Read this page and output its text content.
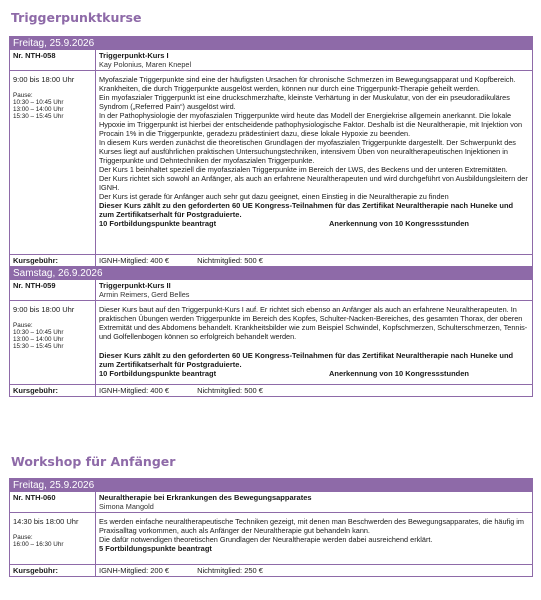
Triggerpunktkurse
Freitag, 25.9.2026
Nr. NTH-058	Triggerpunkt-Kurs I
Kay Polonius, Maren Knepel
9:00 bis 18:00 Uhr
Pause:
10:30 – 10:45 Uhr
13:00 – 14:00 Uhr
15:30 – 15:45 Uhr

Myofasziale Triggerpunkte sind eine der häufigsten Ursachen für chronische Schmerzen im Bewegungsapparat und Kopfbereich. Krankheiten, die durch Triggerpunkte ausgelöst werden, können nur durch eine Triggerpunkt-Therapie geheilt werden.

Ein myofaszialer Triggerpunkt ist eine druckschmerzhafte, kleinste Verhärtung in der Muskulatur, von der ein pseudoradikuläres Syndrom („Referred Pain“) ausgelöst wird.

In der Pathophysiologie der myofaszialen Triggerpunkte wird heute das Modell der Energiekrise allgemein anerkannt. Die lokale Hypoxie im Triggerpunkt ist hierbei der entscheidende pathophysiologische Faktor. Deshalb ist die Neuraltherapie, mit Injektion von Procain 1% in die Triggerpunkte, geradezu prädestiniert dazu, diese lokale Hypoxie zu beenden.

In diesem Kurs werden zunächst die theoretischen Grundlagen der myofaszialen Triggerpunkte dargestellt. Der Schwerpunkt des Kurses liegt auf ausführlichen praktischen Untersuchungstechniken, intensivem Üben von neuraltherapeutischen Injektionen in Triggerpunkte und Dehntechniken der myofaszialen Triggerpunkte.

Der Kurs 1 beinhaltet speziell die myofaszialen Triggerpunkte im Bereich der LWS, des Beckens und der unteren Extremitäten.

Der Kurs richtet sich sowohl an Anfänger, als auch an erfahrene Neuraltherapeuten und wird durchgeführt von Ausbildungsleitern der IGNH.

Der Kurs ist gerade für Anfänger auch sehr gut dazu geeignet, einen Einstieg in die Neuraltherapie zu finden

Dieser Kurs zählt zu den geforderten 60 UE Kongress-Teilnahmen für das Zertifikat Neuraltherapie nach Huneke und zum Zertifikatserhalt für Postgraduierte.
10 Fortbildungspunkte beantragt	Anerkennung von 10 Kongressstunden
Kursgebühr:	IGNH-Mitglied: 400 €	Nichtmitglied: 500 €
Samstag, 26.9.2026
Nr. NTH-059	Triggerpunkt-Kurs II
Armin Reimers, Gerd Belles
9:00 bis 18:00 Uhr
Pause:
10:30 – 10:45 Uhr
13:00 – 14:00 Uhr
15:30 – 15:45 Uhr

Dieser Kurs baut auf den Triggerpunkt-Kurs I auf. Er richtet sich ebenso an Anfänger als auch an erfahrene Neuraltherapeuten. In praktischen Übungen werden Triggerpunkte im Bereich des Kopfes, Schulter-Nacken-Bereiches, des gesamten Thorax, der oberen Extremität und des Abdomens behandelt. Krankheitsbilder wie zum Beispiel Schwindel, Kopfschmerzen, Schulterschmerzen, Tennis- und Golfellenbogen können so erfolgreich behandelt werden.

Dieser Kurs zählt zu den geforderten 60 UE Kongress-Teilnahmen für das Zertifikat Neuraltherapie nach Huneke und zum Zertifikatserhalt für Postgraduierte.
10 Fortbildungspunkte beantragt	Anerkennung von 10 Kongressstunden
Kursgebühr:	IGNH-Mitglied: 400 €	Nichtmitglied: 500 €
Workshop für Anfänger
Freitag, 25.9.2026
Nr. NTH-060	Neuraltherapie bei Erkrankungen des Bewegungsapparates
Simona Mangold
14:30 bis 18:00 Uhr
Pause:
16:00 – 16:30 Uhr

Es werden einfache neuraltherapeutische Techniken gezeigt, mit denen man Beschwerden des Bewegungsapparates, die häufig im Praxisalltag vorkommen, auch als Anfänger der Neuraltherapie gut behandeln kann.

Die dafür notwendigen theoretischen Grundlagen der Neuraltherapie werden dabei ausreichend erklärt.

5 Fortbildungspunkte beantragt
Kursgebühr:	IGNH-Mitglied: 200 €	Nichtmitglied: 250 €
